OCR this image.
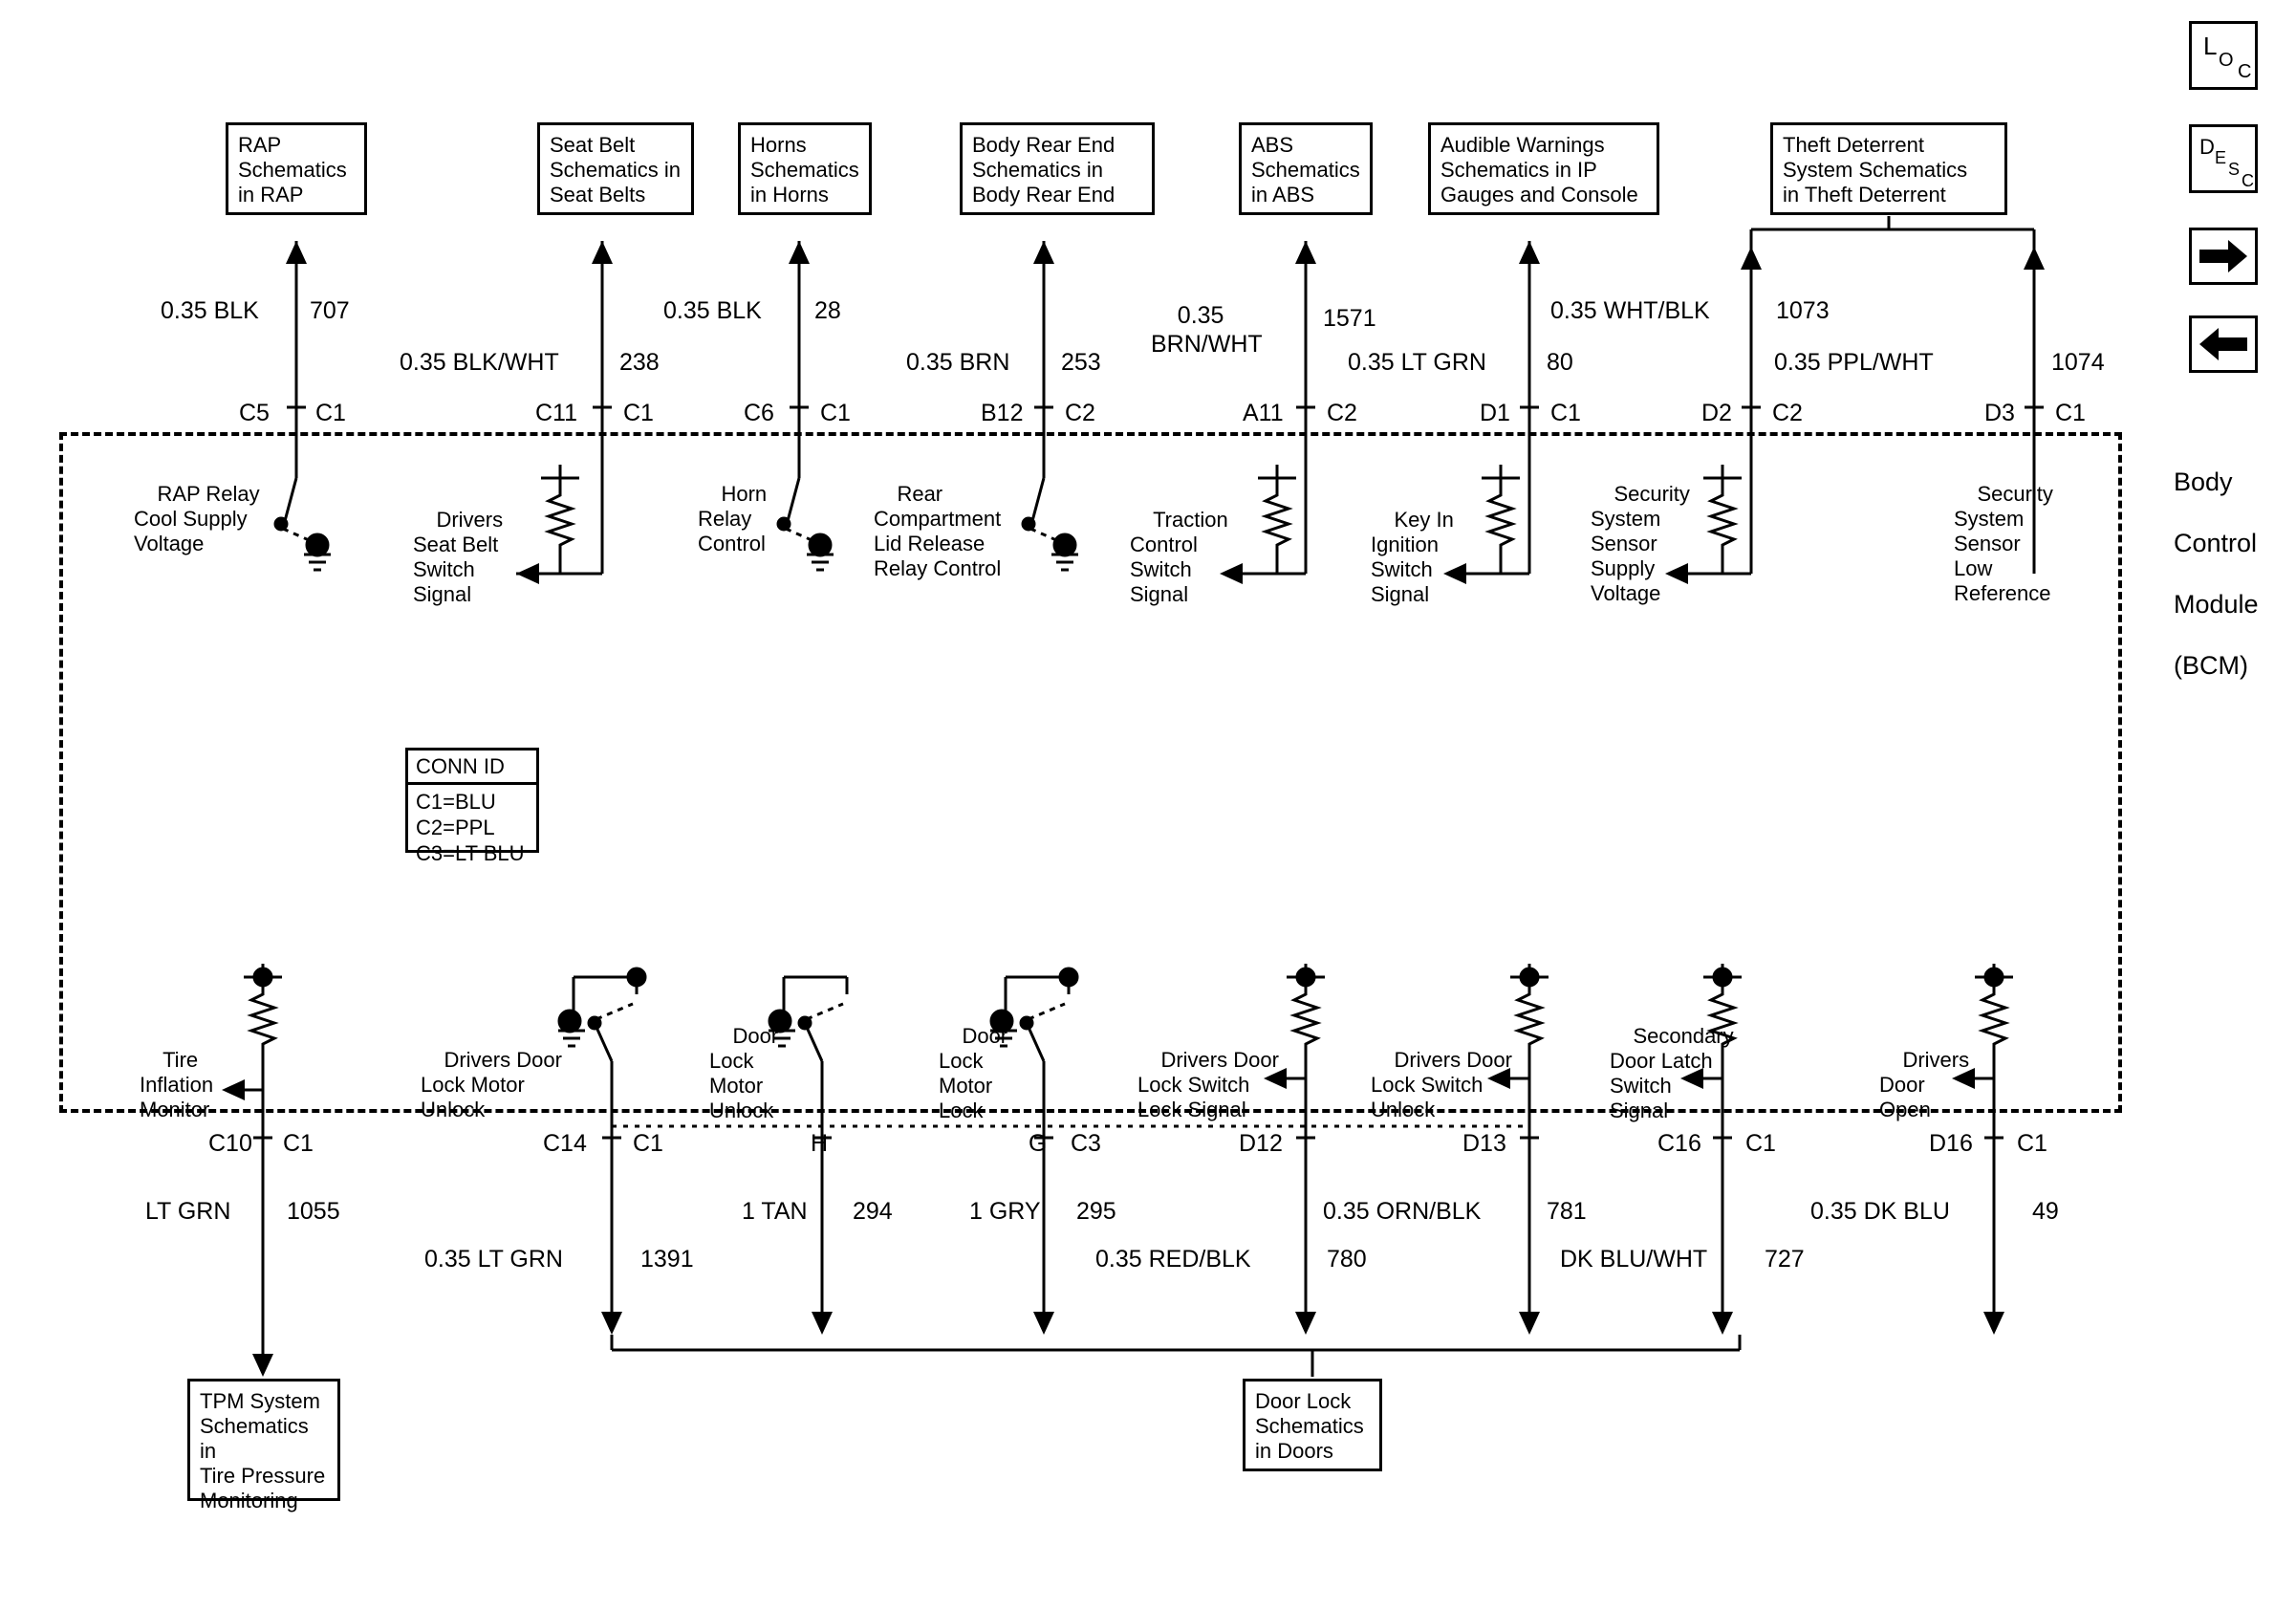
L O
C
D E
S
C
RAP
Schematics
in RAP
Seat Belt
Schematics in
Seat Belts
Horns
Schematics
in Horns
Body Rear End
Schematics in
Body Rear End
ABS
Schematics
in ABS
Audible Warnings
Schematics in IP
Gauges and Console
Theft Deterrent
System Schematics
in Theft Deterrent
TPM System
Schematics in
Tire Pressure
Monitoring
Door Lock
Schematics
in Doors
CONN ID
C1=BLU
C2=PPL
C3=LT BLU

Body

Control

Module

(BCM)

0.35 BLK 707
0.35 BLK/WHT	238
0.35 BLK 28
0.35 BRN 253

0.35
BRN/WHT

1571
0.35 LT GRN	80
0.35 WHT/BLK	1073
0.35 PPL/WHT	1074
C5 C1	C11 C1	C6 C1	B12 C2	A11 C2	D1 C1	D2 C2	D3 C1

RAP Relay
Cool Supply
Voltage

Drivers
Seat Belt
Switch
Signal

Horn
Relay
Control

Rear
Compartment
Lid Release
Relay Control

Traction
Control
Switch
Signal

Key In
Ignition
Switch
Signal

Security
System
Sensor
Supply
Voltage

Security
System
Sensor
Low
Reference

Tire
Inflation
Monitor

Drivers Door
Lock Motor
Unlock

Door
Lock
Motor
Unlock

Door
Lock
Motor
Lock

Drivers Door
Lock Switch
Lock Signal

Drivers Door
Lock Switch
Unlock

Secondary
Door Latch
Switch
Signal

Drivers
Door
Open

C10 C1	C14 C1	H	G C3	D12	D13	C16 C1	D16 C1
LT GRN 1055
0.35 LT GRN	1391
1 TAN 294	1 GRY 295
0.35 RED/BLK	780
0.35 ORN/BLK	781
DK BLU/WHT 727
0.35 DK BLU	49
